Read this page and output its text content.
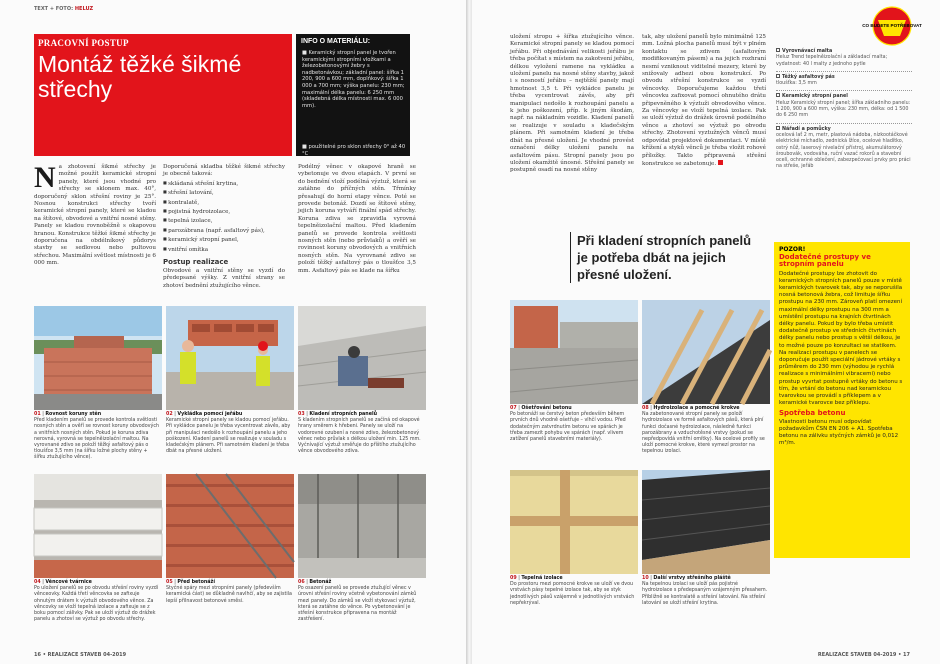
TEXT + FOTO: HELUZ
PRACOVNÍ POSTUP
Montáž těžké šikmé střechy
INFO O MATERIÁLU:

■ Keramický stropní panel je tvořen keramickými stropními vložkami a železobetonovými žebry s nadbetonávkou; základní panel: šířka 1 200, 900 a 600 mm, doplňkový: šířka 1 000 a 700 mm; výška panelu: 230 mm; maximální délka panelu: 6 250 mm (skladebná délka místnosti max. 6 000 mm).

■ použitelné pro sklon střechy 0° až 40 °C

Na zhotovení šikmé střechy je možné použít keramické stropní panely, které jsou vhodné pro střechy se sklonem max. 40°, doporučený sklon střešní roviny je 25°. Nosnou konstrukci střechy tvoří keramické stropní panely, které se kladou na štítové, obvodové a vnitřní nosné stěny. Panely se kladou rovnoběžně s okapovou hranou. Konstrukce těžké šikmé střechy je doporučena na obdélníkový půdorys stavby se sedlovou nebo pultovou střechou. Maximální světlost místnosti je 6 000 mm.
Doporučená skladba těžké šikmé střechy je obecně taková:
■ skládaná střešní krytina,
■ střešní latování,
■ kontralatě,
■ pojistná hydroizolace,
■ tepelná izolace,
■ parozábrana (např. asfaltový pás),
■ keramický stropní panel,
■ vnitřní omítka
Postup realizace
Obvodové a vnitřní stěny se vyzdí do předepsané výšky. Z vnitřní strany se zhotoví bednění ztužujícího věnce.
Podélný věnec v okapové hraně se vybetonuje ve dvou etapách. V první se do bednění vloží podélná výztuž, která se zatáhne do příčných stěn. Třmínky přesahují do horní etapy věnce. Poté se provede betonáž. Dozdí se štítové stěny, jejich koruna vytváří finální spád střechy. Koruna zdiva se zpravidla vyrovná tepelněizolační maltou. Před kladením panelů se provede kontrola světlosti nosných stěn (nebo průvlaků) a ověří se rovinnost koruny obvodových a vnitřních nosných stěn. Na vyrovnané zdivo se položí těžký asfaltový pás o tloušťce 3,5 mm. Asfaltový pás se klade na šířku
01 | Rovnost koruny stěn
Před kladením panelů se provede kontrola světlosti nosných stěn a ověří se rovnost koruny obvodových a vnitřních nosných stěn. Pokud je koruna zdiva nerovná, vyrovná se tepelněizolační maltou. Na vyrovnané zdivo se položí těžký asfaltový pás o tloušťce 3,5 mm (na šířku ložné plochy stěny + šířku ztužujícího věnce).
02 | Vykládka pomocí jeřábu
Keramické stropní panely se kladou pomocí jeřábu. Při vykládce panelu je třeba vycentrovat závěs, aby při manipulaci nedošlo k rozhoupání panelu a jeho poškození. Kladení panelů se realizuje v souladu s kladečským plánem. Při samotném kladení je třeba dbát na přesné uložení.
03 | Kladení stropních panelů
S kladením stropních panelů se začíná od okapové hrany směrem k hřebeni. Panely se uloží na vodorovné ozubení a nosné zdivo, železobetonový věnec nebo průvlak s délkou uložení min. 125 mm. Vyčnívající výztuž směřuje do příštího ztužujícího věnce obvodového zdiva.
04 | Věncové tvárnice
Po uložení panelů se po obvodu střešní roviny vyzdí věnceovky. Každá třetí věncovka se zafixuje ohnutým drátem k výztuži obvodového věnce. Za věncovky se vloží tepelná izolace a zafixuje se z boku pomocí zálivky. Pak se uloží výztuž do drážek panelu a zhotoví se výztuž po obvodu střechy.
05 | Před betonáží
Styčné spáry mezi stropními panely (především keramická část) se důkladně navlhčí, aby se zajistila lepší přilnavost betonové směsi.
06 | Betonáž
Po osazení panelů se provede ztužující věnec v úrovni střešní roviny včetně vybetonování zámků mezi panely. Do zámků se vloží stykovací výztuž, která se zatáhne do věnce. Po vybetonování je střešní konstrukce připravena na montáž zastřešení.
16 • REALIZACE STAVEB 04-2019
uložení stropu + šířka ztužujícího věnce. Keramické stropní panely se kladou pomocí jeřábu. Při objednávání velikosti jeřábu je třeba počítat s místem na zakotvení jeřábu, délkou vyložení ramene na vykládku a uložení panelu na nosné stěny stavby, jakož i s nosností jeřábu – nejtěžší panely mají hmotnost 3,5 t. Při vykládce panelu je třeba vycentrovat závěs, aby při manipulaci nedošlo k rozhoupání panelu a k jeho poškození, příp. k jiným škodám, např. na nákladním vozidle. Kladení panelů se realizuje v souladu s kladečským plánem. Při samotném kladení je třeba dbát na přesné uložení. Je vhodné provést označení délky uložení panelu na asfaltovém pásu. Stropní panely jsou po uložení okamžitě únosné. Střešní panely se postupně osadí na nosné stěny
tak, aby uložení panelů bylo minimálně 125 mm. Ložná plocha panelů musí být v plném kontaktu se zdivem (asfaltovým modifikovaným pásem) a na jejich rozhraní nesmí vzniknout viditelné mezery, které by snižovaly adhezi obou konstrukcí. Po obvodu střešní konstrukce se vyzdí věncovky. Doporučujeme každou třetí věncovku zafixovat pomocí ohnutého drátu připevněného k výztuži obvodového věnce. Za věncovky se vloží tepelná izolace. Pak se uloží výztuž do drážek úrovně podélného věnce a zhotoví se výztuž po obvodu střechy. Zhotovení vyztužných věnců musí odpovídat projektové dokumentaci. V místě křížení a styků věnců je třeba vložit rohové příložky. Takto připravená střešní konstrukce se zabetonuje.
Při kladení stropních panelů je potřeba dbát na jejich přesné uložení.
07 | Ošetřování betonu
Po betonáži se čerstvý beton především během prvních dnů vhodně ošetřuje – vlhčí vodou. Před dodatečným zatvrdnutím betonu ve spárách je třeba zamezit pohybu ve spárách (např. vlivem zatížení panelů stavebními materiály).
08 | Hydroizolace a pomocné krokve
Na zabetonované stropní panely se položí hydroizolace ve formě asfaltových pásů, která plní funkci dočasné hydroizolace, následně funkci parozábrany a vzduchotěsné vrstvy (pokud se nepředpovídá vnitřní omítky). Na ocelové profily se uloží pomocné krokve, které vymezí prostor na tepelnou izolaci.
09 | Tepelná izolace
Do prostoru mezi pomocné krokve se uloží ve dvou vrstvách pásy tepelné izolace tak, aby se styk jednotlivých pásů vzájemně v jednotlivých vrstvách nepřekrýval.
10 | Další vrstvy střešního pláště
Na tepelnou izolaci se uloží pás pojistné hydroizolace s předepsaným vzájemným přesahem. Přibližně se kontralatě a střešní latování. Na střešní latování se uloží střešní krytina.
CO BUDETE POTŘEBOVAT
Vyrovnávací malta
Heluz Trend tepelněizolační a základací malta; vydatnost: 40 l malty z jednoho pytle
Těžký asfaltový pás
tloušťka: 3,5 mm
Keramický stropní panel
Heluz Keramický stropní panel; šířka základního panelu: 1 200, 900 a 600 mm, výška: 230 mm, délka: od 1 500 do 6 250 mm
Nářadí a pomůcky
ocelová lať 2 m, metr, plastová nádoba, nízkootáčkové elektrické míchadlo, zednická lžíce, ocelové hladítko, ostrý nůž, laserový nivelační přístroj, akumulátorový šroubovák, vodováha, ruční vazač rokorů a stavební ocelí, ochranné oblečení, zabezpečovací prvky pro práci na střeše, jeřáb
POZOR!
Dodatečné prostupy ve stropním panelu
Dodatečné prostupy lze zhotovit do keramických stropních panelů pouze v místě keramických tvarovek tak, aby se neporušila nosná betonová žebra, což limituje šířku prostupu na 230 mm. Zároveň platí omezení maximální délky prostupu na 300 mm a umístění prostupu na krajních čtvrtinách délky panelu. Pokud by bylo třeba umístit dodatečně prostup ve středních čtvrtinách délky panelu nebo prostup s větší délkou, je to možné pouze po konzultaci se statikem. Na realizaci prostupu v panelech se doporučuje použít speciální jádrové vrtáky s průměrem do 230 mm (výhodou je rychlá realizace s minimálními vibracemi) nebo prostup vyvrtat postupně vrtáky do betonu s tím, že vrtání do betonu nad keramickou tvarovkou se provádí s příklepem a v keramické tvarovce bez příklepu.
Spotřeba betonu
Vlastnosti betonu musí odpovídat požadavkům ČSN EN 206 + A1. Spotřeba betonu na zálivku styčných zámků je 0,012 m³/m.
REALIZACE STAVEB 04-2019 • 17
